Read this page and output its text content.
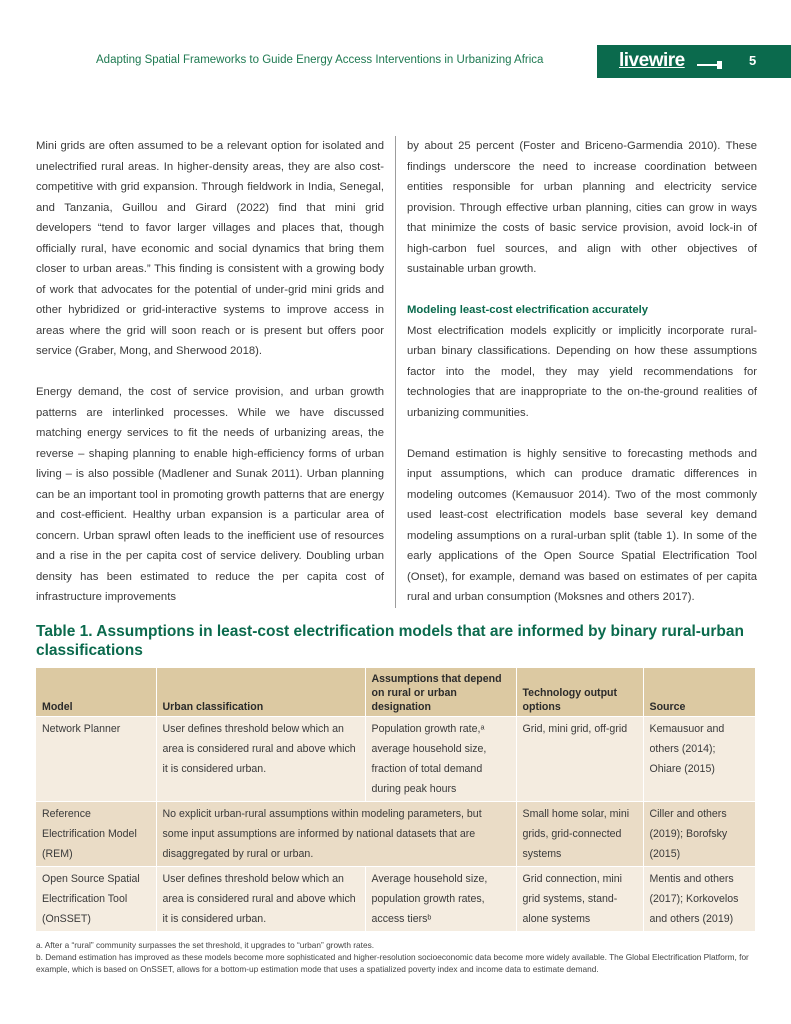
Adapting Spatial Frameworks to Guide Energy Access Interventions in Urbanizing Africa	livewire	5

Mini grids are often assumed to be a relevant option for isolated and unelectrified rural areas. In higher-density areas, they are also cost-competitive with grid expansion. Through fieldwork in India, Senegal, and Tanzania, Guillou and Girard (2022) find that mini grid developers “tend to favor larger villages and places that, though officially rural, have economic and social dynamics that bring them closer to urban areas.” This finding is consistent with a growing body of work that advocates for the potential of under-grid mini grids and other hybridized or grid-interactive systems to improve access in areas where the grid will soon reach or is present but offers poor service (Graber, Mong, and Sherwood 2018).

Energy demand, the cost of service provision, and urban growth patterns are interlinked processes. While we have discussed matching energy services to fit the needs of urbanizing areas, the reverse – shaping planning to enable high-efficiency forms of urban living – is also possible (Madlener and Sunak 2011). Urban planning can be an important tool in promoting growth patterns that are energy and cost-efficient. Healthy urban expansion is a particular area of concern. Urban sprawl often leads to the inefficient use of resources and a rise in the per capita cost of service delivery. Doubling urban density has been estimated to reduce the per capita cost of infrastructure improvements

by about 25 percent (Foster and Briceno-Garmendia 2010). These findings underscore the need to increase coordination between entities responsible for urban planning and electricity service provision. Through effective urban planning, cities can grow in ways that minimize the costs of basic service provision, avoid lock-in of high-carbon fuel sources, and align with other objectives of sustainable urban growth.

Modeling least-cost electrification accurately

Most electrification models explicitly or implicitly incorporate rural-urban binary classifications. Depending on how these assumptions factor into the model, they may yield recommendations for technologies that are inappropriate to the on-the-ground realities of urbanizing communities.

Demand estimation is highly sensitive to forecasting methods and input assumptions, which can produce dramatic differences in modeling outcomes (Kemausuor 2014). Two of the most commonly used least-cost electrification models base several key demand modeling assumptions on a rural-urban split (table 1). In some of the early applications of the Open Source Spatial Electrification Tool (Onset), for example, demand was based on estimates of per capita rural and urban consumption (Moksnes and others 2017).

Table 1. Assumptions in least-cost electrification models that are informed by binary rural-urban classifications
Model	Urban classification	Assumptions that depend on rural or urban designation	Technology output options	Source
Network Planner	User defines threshold below which an area is considered rural and above which it is considered urban.	Population growth rate,ᵃ average household size, fraction of total demand during peak hours	Grid, mini grid, off-grid	Kemausuor and others (2014); Ohiare (2015)
Reference Electrification Model (REM)	No explicit urban-rural assumptions within modeling parameters, but some input assumptions are informed by national datasets that are disaggregated by rural or urban.		Small home solar, mini grids, grid-connected systems	Ciller and others (2019); Borofsky (2015)
Open Source Spatial Electrification Tool (OnSSET)	User defines threshold below which an area is considered rural and above which it is considered urban.	Average household size, population growth rates, access tiersᵇ	Grid connection, mini grid systems, stand-alone systems	Mentis and others (2017); Korkovelos and others (2019)
a. After a “rural” community surpasses the set threshold, it upgrades to “urban” growth rates.
b. Demand estimation has improved as these models become more sophisticated and higher-resolution socioeconomic data become more widely available. The Global Electrification Platform, for example, which is based on OnSSET, allows for a bottom-up estimation mode that uses a spatialized poverty index and income data to estimate demand.
